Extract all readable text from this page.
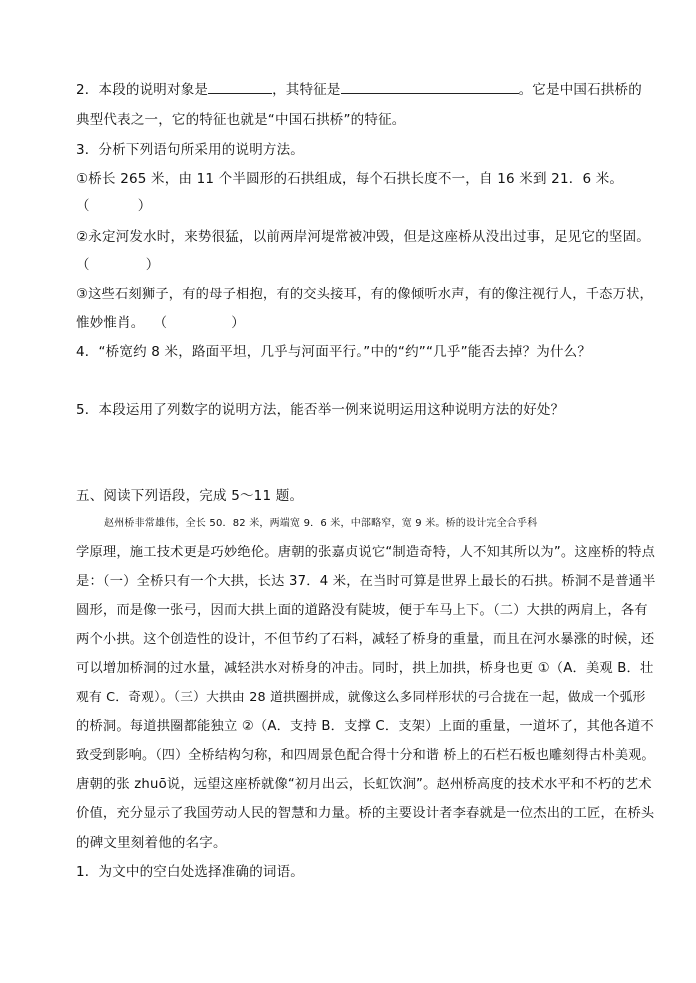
2．本段的说明对象是	，其特征是	。它是中国石拱桥的
典型代表之一，它的特征也就是“中国石拱桥”的特征。
3．分析下列语句所采用的说明方法。
①桥长 265 米，由 11 个半圆形的石拱组成，每个石拱长度不一，自 16 米到 21．6 米。
（	）
②永定河发水时，来势很猛，以前两岸河堤常被冲毁，但是这座桥从没出过事，足见它的坚固。
（	）
③这些石刻狮子，有的母子相抱，有的交头接耳，有的像倾听水声，有的像注视行人，千态万状，
惟妙惟肖。 （	）
4．“桥宽约 8 米，路面平坦，几乎与河面平行。”中的“约”“几乎”能否去掉？为什么？
5．本段运用了列数字的说明方法，能否举一例来说明运用这种说明方法的好处？
五、阅读下列语段，完成 5～11 题。
赵州桥非常雄伟，全长 50．82 米，两端宽 9．6 米，中部略窄，宽 9 米。桥的设计完全合乎科
学原理，施工技术更是巧妙绝伦。唐朝的张嘉贞说它“制造奇特，人不知其所以为”。这座桥的特点
是：（一）全桥只有一个大拱，长达 37．4 米，在当时可算是世界上最长的石拱。桥洞不是普通半
圆形，而是像一张弓，因而大拱上面的道路没有陡坡，便于车马上下。（二）大拱的两肩上，各有
两个小拱。这个创造性的设计，不但节约了石料，减轻了桥身的重量，而且在河水暴涨的时候，还
可以增加桥洞的过水量，减轻洪水对桥身的冲击。同时，拱上加拱，桥身也更 ①（A．美观 B．壮
观有 C．奇观）。（三）大拱由 28 道拱圈拼成，就像这么多同样形状的弓合拢在一起，做成一个弧形
的桥洞。每道拱圈都能独立 ②（A．支持 B．支撑 C．支架）上面的重量，一道坏了，其他各道不
致受到影响。（四）全桥结构匀称，和四周景色配合得十分和谐 桥上的石栏石板也雕刻得古朴美观。
唐朝的张 zhuō说，远望这座桥就像“初月出云，长虹饮涧”。赵州桥高度的技术水平和不朽的艺术
价值，充分显示了我国劳动人民的智慧和力量。桥的主要设计者李春就是一位杰出的工匠，在桥头
的碑文里刻着他的名字。
1．为文中的空白处选择准确的词语。
